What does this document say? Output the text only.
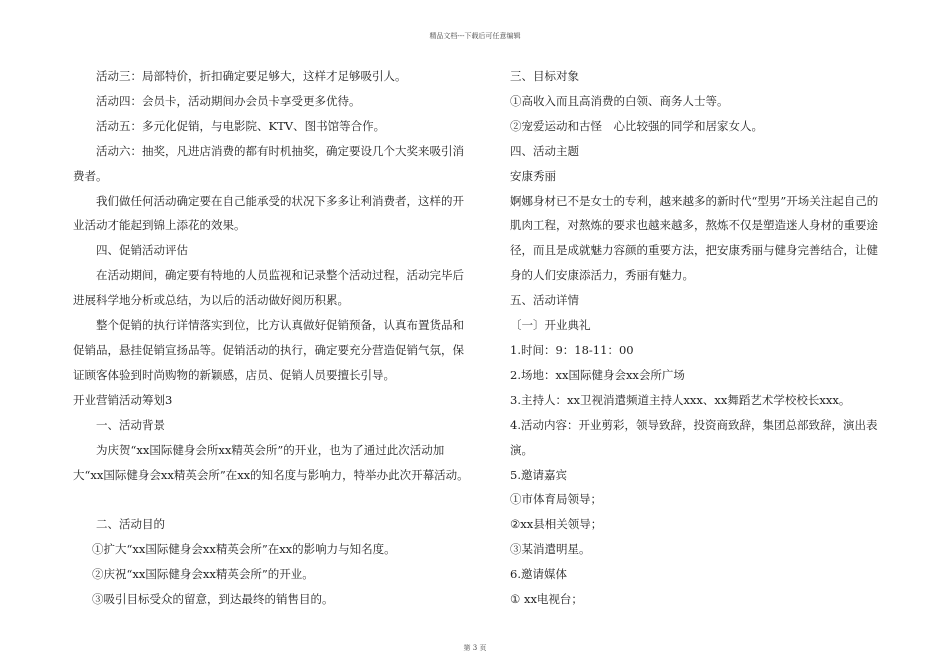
精品文档---下载后可任意编辑

活动三：局部特价，折扣确定要足够大，这样才足够吸引人。

活动四：会员卡，活动期间办会员卡享受更多优待。

活动五：多元化促销，与电影院、KTV、图书馆等合作。

活动六：抽奖，凡进店消费的都有时机抽奖，确定要设几个大奖来吸引消费者。

我们做任何活动确定要在自己能承受的状况下多多让利消费者，这样的开业活动才能起到锦上添花的效果。

四、促销活动评估

在活动期间，确定要有特地的人员监视和记录整个活动过程，活动完毕后进展科学地分析或总结，为以后的活动做好阅历积累。

整个促销的执行详情落实到位，比方认真做好促销预备，认真布置货品和促销品，悬挂促销宣扬品等。促销活动的执行，确定要充分营造促销气氛，保证顾客体验到时尚购物的新颖感，店员、促销人员要擅长引导。

开业营销活动筹划3

一、活动背景

为庆贺“xx国际健身会所xx精英会所”的开业，也为了通过此次活动加大“xx国际健身会xx精英会所”在xx的知名度与影响力，特举办此次开幕活动。

二、活动目的

①扩大“xx国际健身会xx精英会所”在xx的影响力与知名度。

②庆祝“xx国际健身会xx精英会所”的开业。

③吸引目标受众的留意，到达最终的销售目的。

三、目标对象

①高收入而且高消费的白领、商务人士等。

②宠爱运动和古怪　心比较强的同学和居家女人。

四、活动主题

安康秀丽

婀娜身材已不是女士的专利，越来越多的新时代“型男”开场关注起自己的肌肉工程，对熬炼的要求也越来越多，熬炼不仅是塑造迷人身材的重要途径，而且是成就魅力容颜的重要方法，把安康秀丽与健身完善结合，让健身的人们安康添活力，秀丽有魅力。

五、活动详情

〔一〕开业典礼

1.时间：9：18-11：00

2.场地：xx国际健身会xx会所广场

3.主持人：xx卫视消遣频道主持人xxx、xx舞蹈艺术学校校长xxx。

4.活动内容：开业剪彩，领导致辞，投资商致辞，集团总部致辞，演出表演。

5.邀请嘉宾

①市体育局领导；

②xx县相关领导；

③某消遣明星。

6.邀请媒体

① xx电视台；

第 3 页
